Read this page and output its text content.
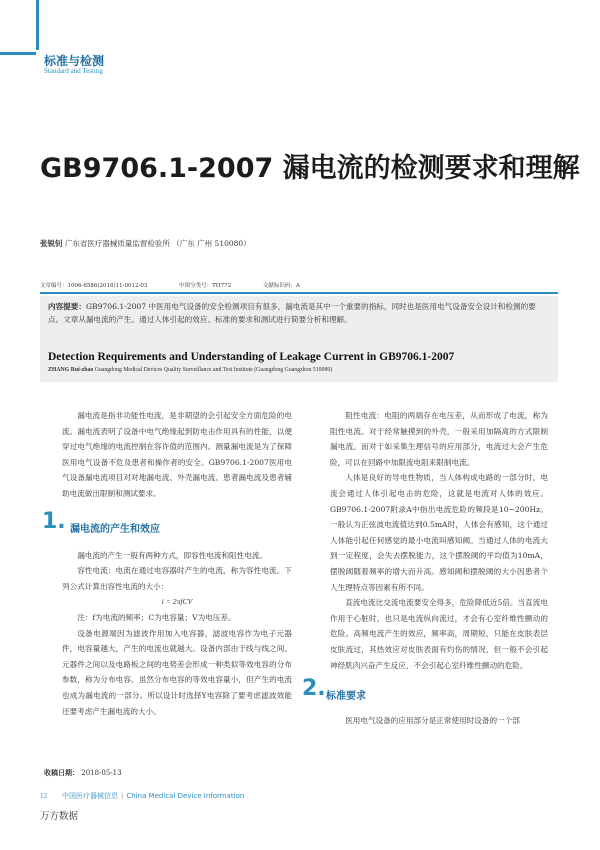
标准与检测
Standard and Testing
GB9706.1-2007 漏电流的检测要求和理解
张锐钊 广东省医疗器械质量监督检验所 （广东 广州 510080）
文章编号：1006-6586(2018)11-0012-03	中图分类号：TH772	文献标识码：A
内容提要：GB9706.1-2007 中医用电气设备的安全检测项目有很多，漏电流是其中一个重要的指标，同时也是医用电气设备安全设计和检测的要点。文章从漏电流的产生、通过人体引起的效应、标准的要求和测试进行简要分析和理解。
Detection Requirements and Understanding of Leakage Current in GB9706.1-2007
ZHANG Rui-zhao Guangdong Medical Devices Quality Surveillance and Test Institute (Guangdong Guangzhou 510080)

漏电流是指非功能性电流，是非期望的会引起安全方面危险的电流。漏电流表明了设备中电气绝缘起到防电击作用具有的性能，以便穿过电气绝缘的电流控制在容许值的范围内。测量漏电流是为了保障医用电气设备不危及患者和操作者的安全。GB9706.1-2007医用电气设备漏电流项目对对地漏电流、外壳漏电流、患者漏电流及患者辅助电流做出限制和测试要求。

1. 漏电流的产生和效应

漏电流的产生一般有两种方式，即容性电流和阻性电流。

容性电流：电流在通过电容器时产生的电流，称为容性电流。下列公式计算出容性电流的大小：

i = 2πfCV

注：f为电流的频率；C为电容量；V为电压差。

设备电源端因为滤波作用加入电容器，滤波电容作为电子元器件，电容量越大，产生的电流也就越大。设备内部由于线与线之间、元器件之间以及电路板之间的电势差会形成一种类似等效电容的分布参数，称为分布电容。虽然分布电容的等效电容量小，但产生的电流也成为漏电流的一部分。所以设计时选择Y电容除了要考虑滤波效能还要考虑产生漏电流的大小。

阻性电流：电阻的两端存在电压差，从而形成了电流，称为阻性电流。对于经常触摸到的外壳，一般采用加隔离的方式限制漏电流。而对于如采集生理信号的应用部分，电流过大会产生危险，可以在回路中加限流电阻来限制电流。

人体是良好的导电性物质，当人体构成电路的一部分时，电流会通过人体引起电击的危险，这就是电流对人体的效应。GB9706.1-2007附录A中指出电流危险的频段是10~200Hz。一般认为正弦波电流值达到0.5mA时，人体会有感知，这个通过人体能引起任何感觉的最小电流叫感知阈。当通过人体的电流大到一定程度，会失去摆脱能力，这个摆脱阈的平均值为10mA，摆脱阈随着频率的增大而升高。感知阈和摆脱阈的大小因患者个人生理特点等因素有所不同。

直流电流比交流电流要安全得多，危险降低近5倍。当直流电作用于心脏时，也只是电流纵向流过，才会有心室纤维性颤动的危险。高频电流产生的效应，频率高，周期短，只能在皮肤表层皮肤流过，其热效应对皮肤表面有灼伤的情况，但一般不会引起神经肌肉兴奋产生反应，不会引起心室纤维性颤动的危险。

2. 标准要求

医用电气设备的应用部分是正常使用时设备的一个部

收稿日期： 2018-05-13
12 中国医疗器械信息 | China Medical Device Information
万方数据
